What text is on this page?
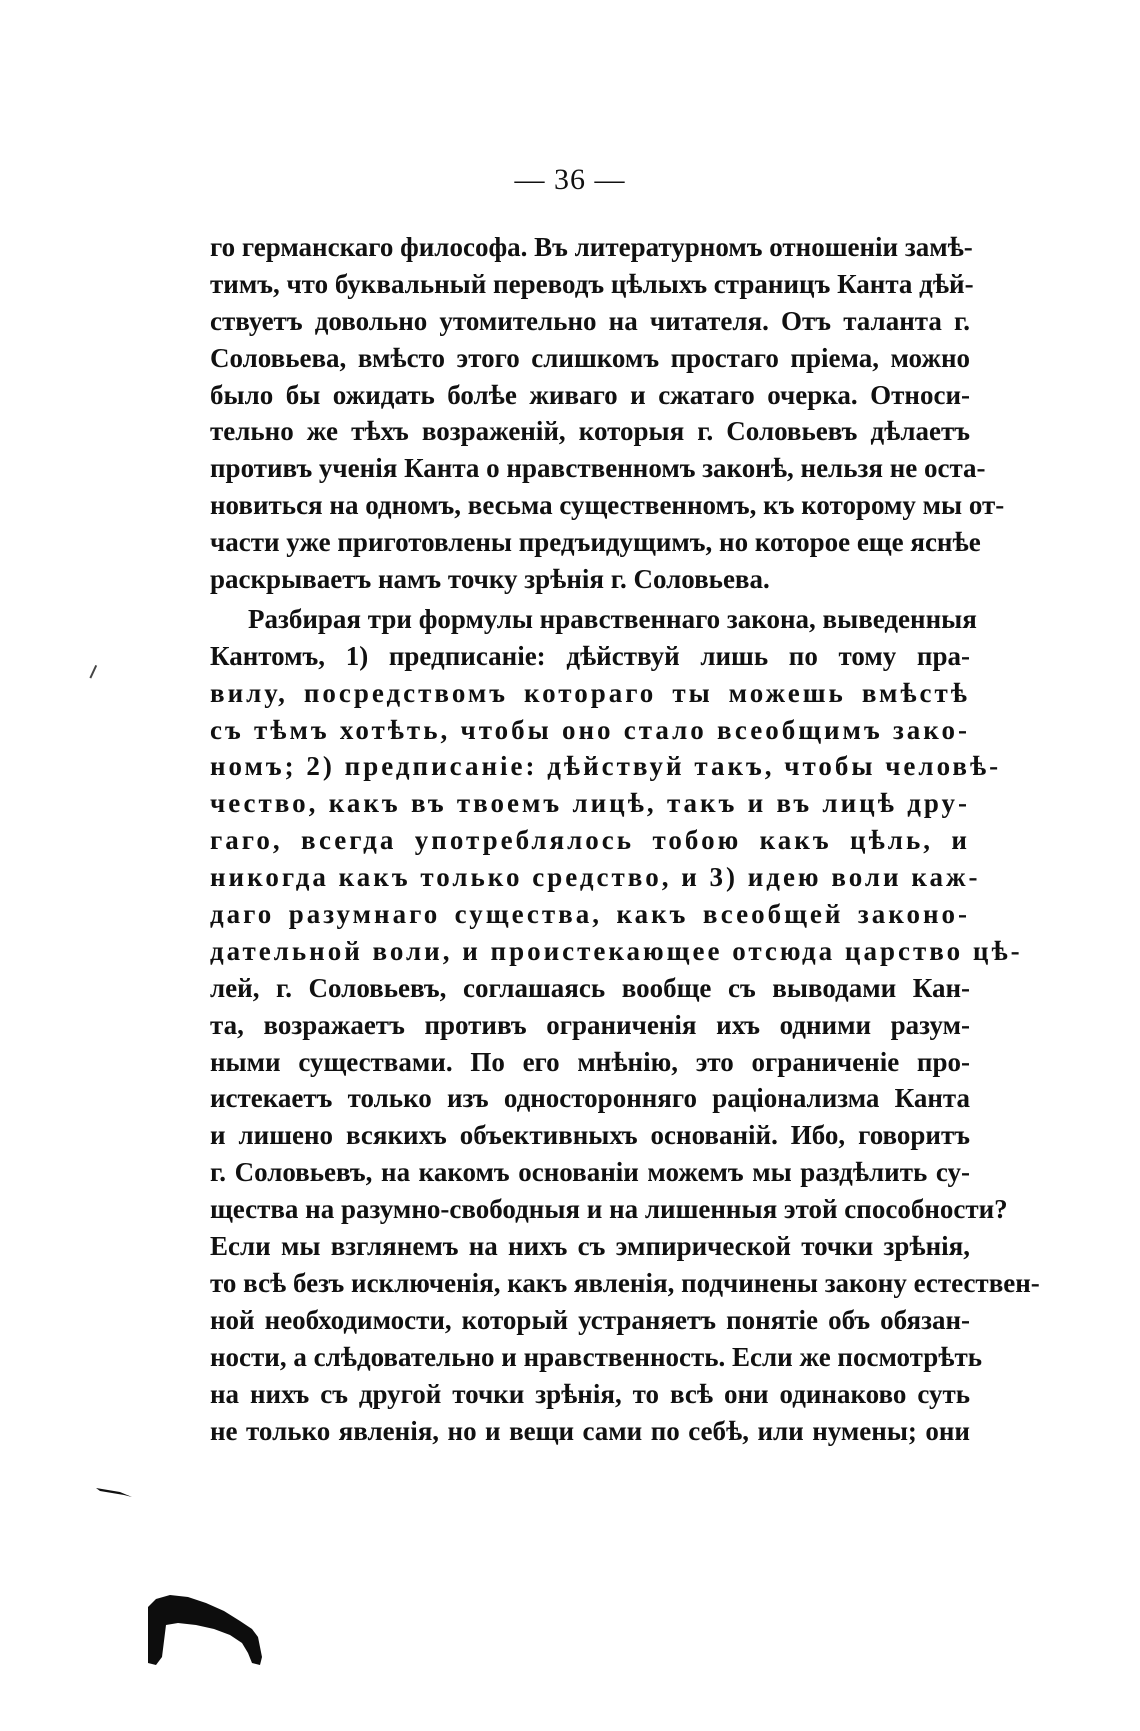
— 36 —
го германскаго философа. Въ литературномъ отношеніи замѣ-
тимъ, что буквальный переводъ цѣлыхъ страницъ Канта дѣй-
ствуетъ довольно утомительно на читателя. Отъ таланта г.
Соловьева, вмѣсто этого слишкомъ простаго пріема, можно
было бы ожидать болѣе живаго и сжатаго очерка. Относи-
тельно же тѣхъ возраженій, которыя г. Соловьевъ дѣлаетъ
противъ ученія Канта о нравственномъ законѣ, нельзя не оста-
новиться на одномъ, весьма существенномъ, къ которому мы от-
части уже приготовлены предъидущимъ, но которое еще яснѣе
раскрываетъ намъ точку зрѣнія г. Соловьева.
Разбирая три формулы нравственнаго закона, выведенныя
Кантомъ, 1) предписаніе: дѣйствуй лишь по тому пра-
вилу, посредствомъ котораго ты можешь вмѣстѣ
съ тѣмъ хотѣть, чтобы оно стало всеобщимъ зако-
номъ; 2) предписаніе: дѣйствуй такъ, чтобы человѣ-
чество, какъ въ твоемъ лицѣ, такъ и въ лицѣ дру-
гаго, всегда употреблялось тобою какъ цѣль, и
никогда какъ только средство, и 3) идею воли каж-
даго разумнаго существа, какъ всеобщей законо-
дательной воли, и проистекающее отсюда царство цѣ-
лей, г. Соловьевъ, соглашаясь вообще съ выводами Кан-
та, возражаетъ противъ ограниченія ихъ одними разум-
ными существами. По его мнѣнію, это ограниченіе про-
истекаетъ только изъ односторонняго раціонализма Канта
и лишено всякихъ объективныхъ основаній. Ибо, говоритъ
г. Соловьевъ, на какомъ основаніи можемъ мы раздѣлить су-
щества на разумно-свободныя и на лишенныя этой способности?
Если мы взглянемъ на нихъ съ эмпирической точки зрѣнія,
то всѣ безъ исключенія, какъ явленія, подчинены закону естествен-
ной необходимости, который устраняетъ понятіе объ обязан-
ности, а слѣдовательно и нравственность. Если же посмотрѣть
на нихъ съ другой точки зрѣнія, то всѣ они одинаково суть
не только явленія, но и вещи сами по себѣ, или нумены; они
